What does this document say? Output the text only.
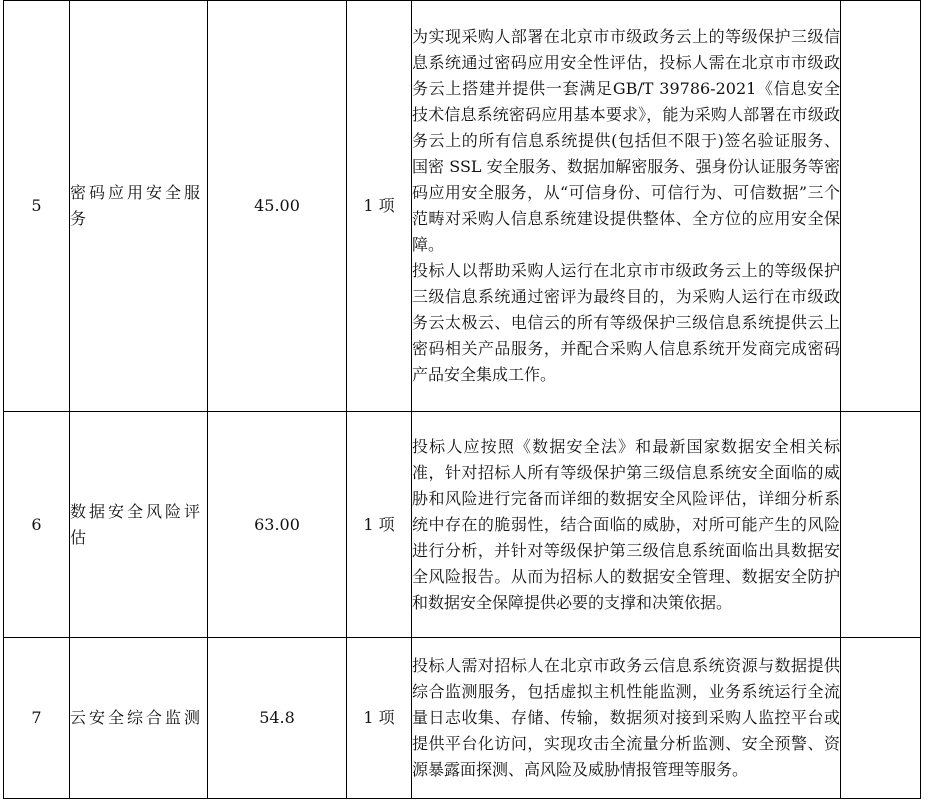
5	密码应用安全服务	45.00	1 项	为实现采购人部署在北京市市级政务云上的等级保护三级信息系统通过密码应用安全性评估，投标人需在北京市市级政务云上搭建并提供一套满足GB/T 39786-2021《信息安全技术信息系统密码应用基本要求》，能为采购人部署在市级政务云上的所有信息系统提供(包括但不限于)签名验证服务、国密 SSL 安全服务、数据加解密服务、强身份认证服务等密码应用安全服务，从“可信身份、可信行为、可信数据”三个范畴对采购人信息系统建设提供整体、全方位的应用安全保障。

投标人以帮助采购人运行在北京市市级政务云上的等级保护三级信息系统通过密评为最终目的，为采购人运行在市级政务云太极云、电信云的所有等级保护三级信息系统提供云上密码相关产品服务，并配合采购人信息系统开发商完成密码产品安全集成工作。	

6	数据安全风险评估	63.00	1 项	投标人应按照《数据安全法》和最新国家数据安全相关标准，针对招标人所有等级保护第三级信息系统安全面临的威胁和风险进行完备而详细的数据安全风险评估，详细分析系统中存在的脆弱性，结合面临的威胁，对所可能产生的风险进行分析，并针对等级保护第三级信息系统面临出具数据安全风险报告。从而为招标人的数据安全管理、数据安全防护和数据安全保障提供必要的支撑和决策依据。	

7	云安全综合监测	54.8	1 项	投标人需对招标人在北京市政务云信息系统资源与数据提供综合监测服务，包括虚拟主机性能监测，业务系统运行全流量日志收集、存储、传输，数据须对接到采购人监控平台或提供平台化访问，实现攻击全流量分析监测、安全预警、资源暴露面探测、高风险及威胁情报管理等服务。	
